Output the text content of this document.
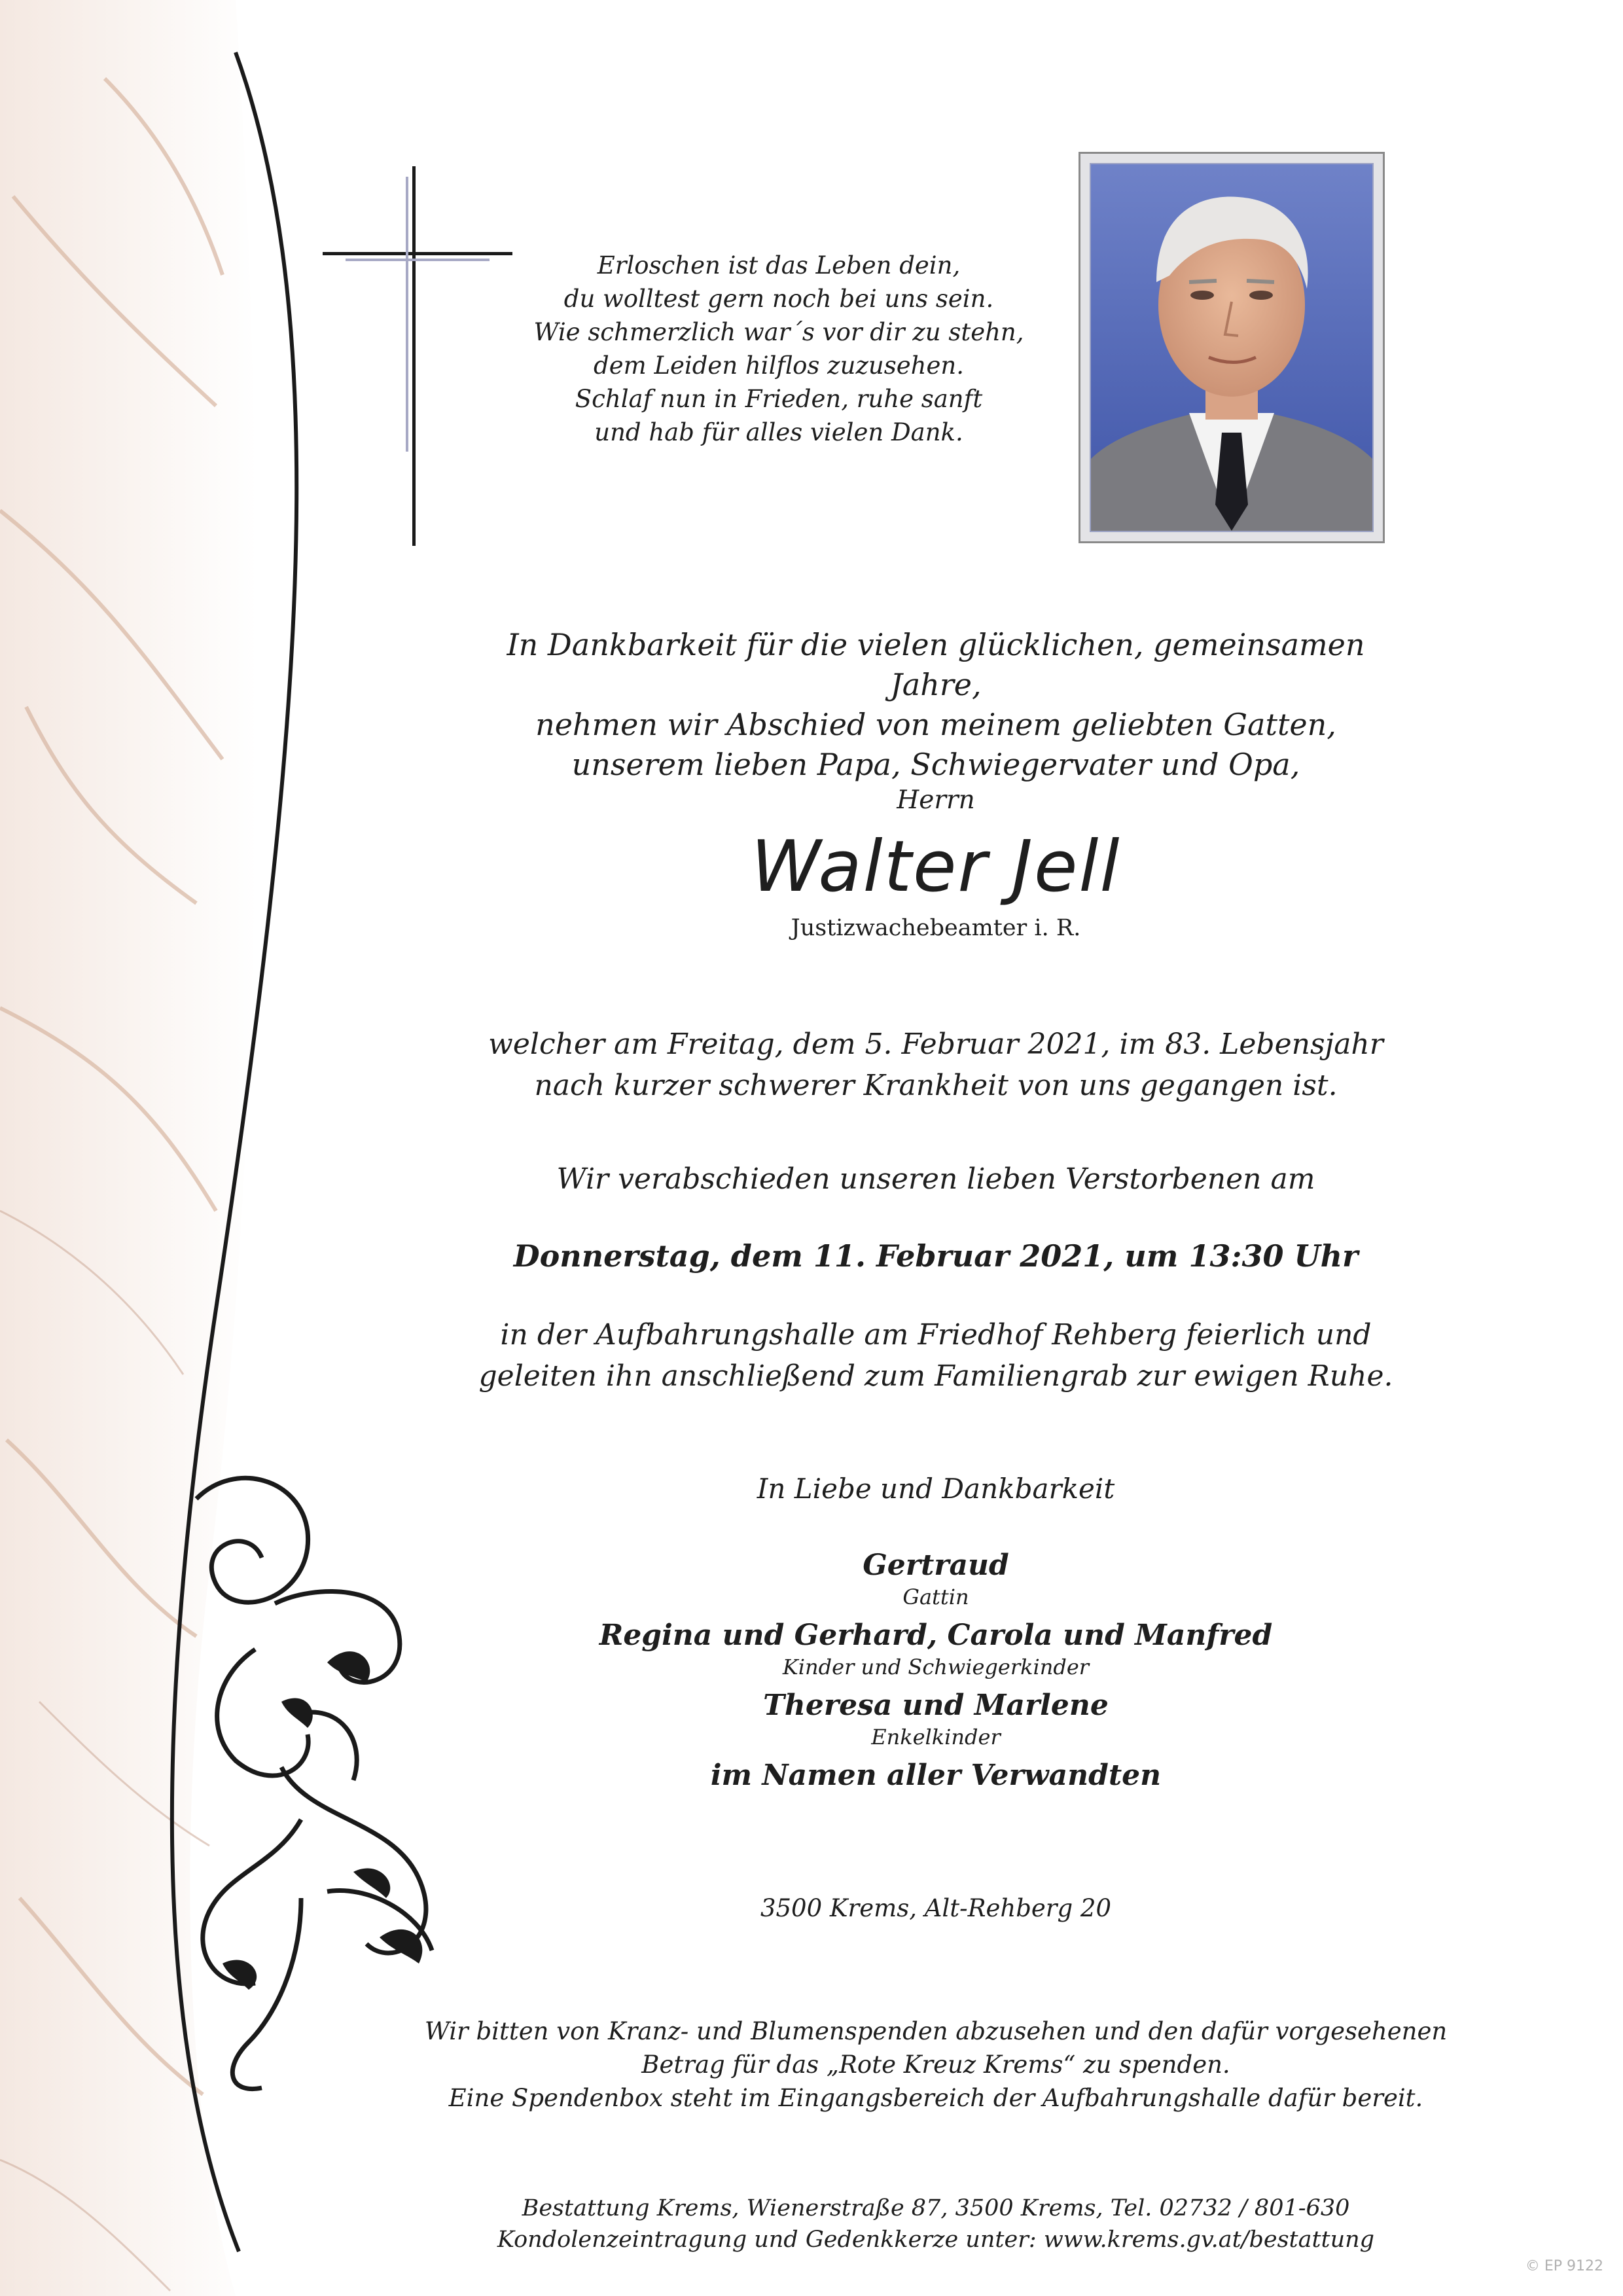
Erloschen ist das Leben dein,
du wolltest gern noch bei uns sein.
Wie schmerzlich war´s vor dir zu stehn,
dem Leiden hilflos zuzusehen.
Schlaf nun in Frieden, ruhe sanft
und hab für alles vielen Dank.
In Dankbarkeit für die vielen glücklichen, gemeinsamen Jahre,
nehmen wir Abschied von meinem geliebten Gatten,
unserem lieben Papa, Schwiegervater und Opa,
Herrn
Walter Jell
Justizwachebeamter i. R.
welcher am Freitag, dem 5. Februar 2021, im 83. Lebensjahr
nach kurzer schwerer Krankheit von uns gegangen ist.
Wir verabschieden unseren lieben Verstorbenen am
Donnerstag, dem 11. Februar 2021, um 13:30 Uhr
in der Aufbahrungshalle am Friedhof Rehberg feierlich und
geleiten ihn anschließend zum Familiengrab zur ewigen Ruhe.
In Liebe und Dankbarkeit
Gertraud
Gattin
Regina und Gerhard, Carola und Manfred
Kinder und Schwiegerkinder
Theresa und Marlene
Enkelkinder
im Namen aller Verwandten
3500 Krems, Alt-Rehberg 20
Wir bitten von Kranz- und Blumenspenden abzusehen und den dafür vorgesehenen
Betrag für das „Rote Kreuz Krems“ zu spenden.
Eine Spendenbox steht im Eingangsbereich der Aufbahrungshalle dafür bereit.
Bestattung Krems, Wienerstraße 87, 3500 Krems, Tel. 02732 / 801-630
Kondolenzeintragung und Gedenkkerze unter: www.krems.gv.at/bestattung
© EP 9122
